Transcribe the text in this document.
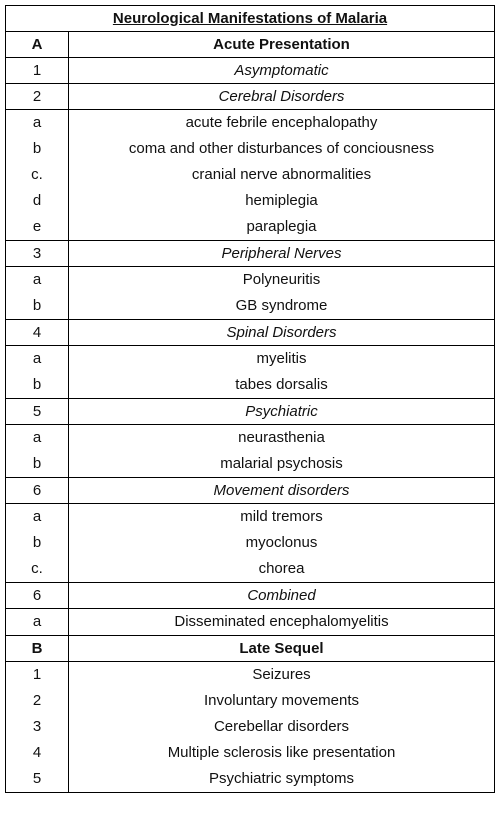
Neurological Manifestations of Malaria	
A	Acute Presentation
1	Asymptomatic
2	Cerebral Disorders
a	acute febrile encephalopathy
b	coma and other disturbances of conciousness
c.	cranial nerve abnormalities
d	hemiplegia
e	paraplegia
3	Peripheral Nerves
a	Polyneuritis
b	GB syndrome
4	Spinal Disorders
a	myelitis
b	tabes dorsalis
5	Psychiatric
a	neurasthenia
b	malarial psychosis
6	Movement disorders
a	mild tremors
b	myoclonus
c.	chorea
6	Combined
a	Disseminated encephalomyelitis
B	Late Sequel
1	Seizures
2	Involuntary movements
3	Cerebellar disorders
4	Multiple sclerosis like presentation
5	Psychiatric symptoms
